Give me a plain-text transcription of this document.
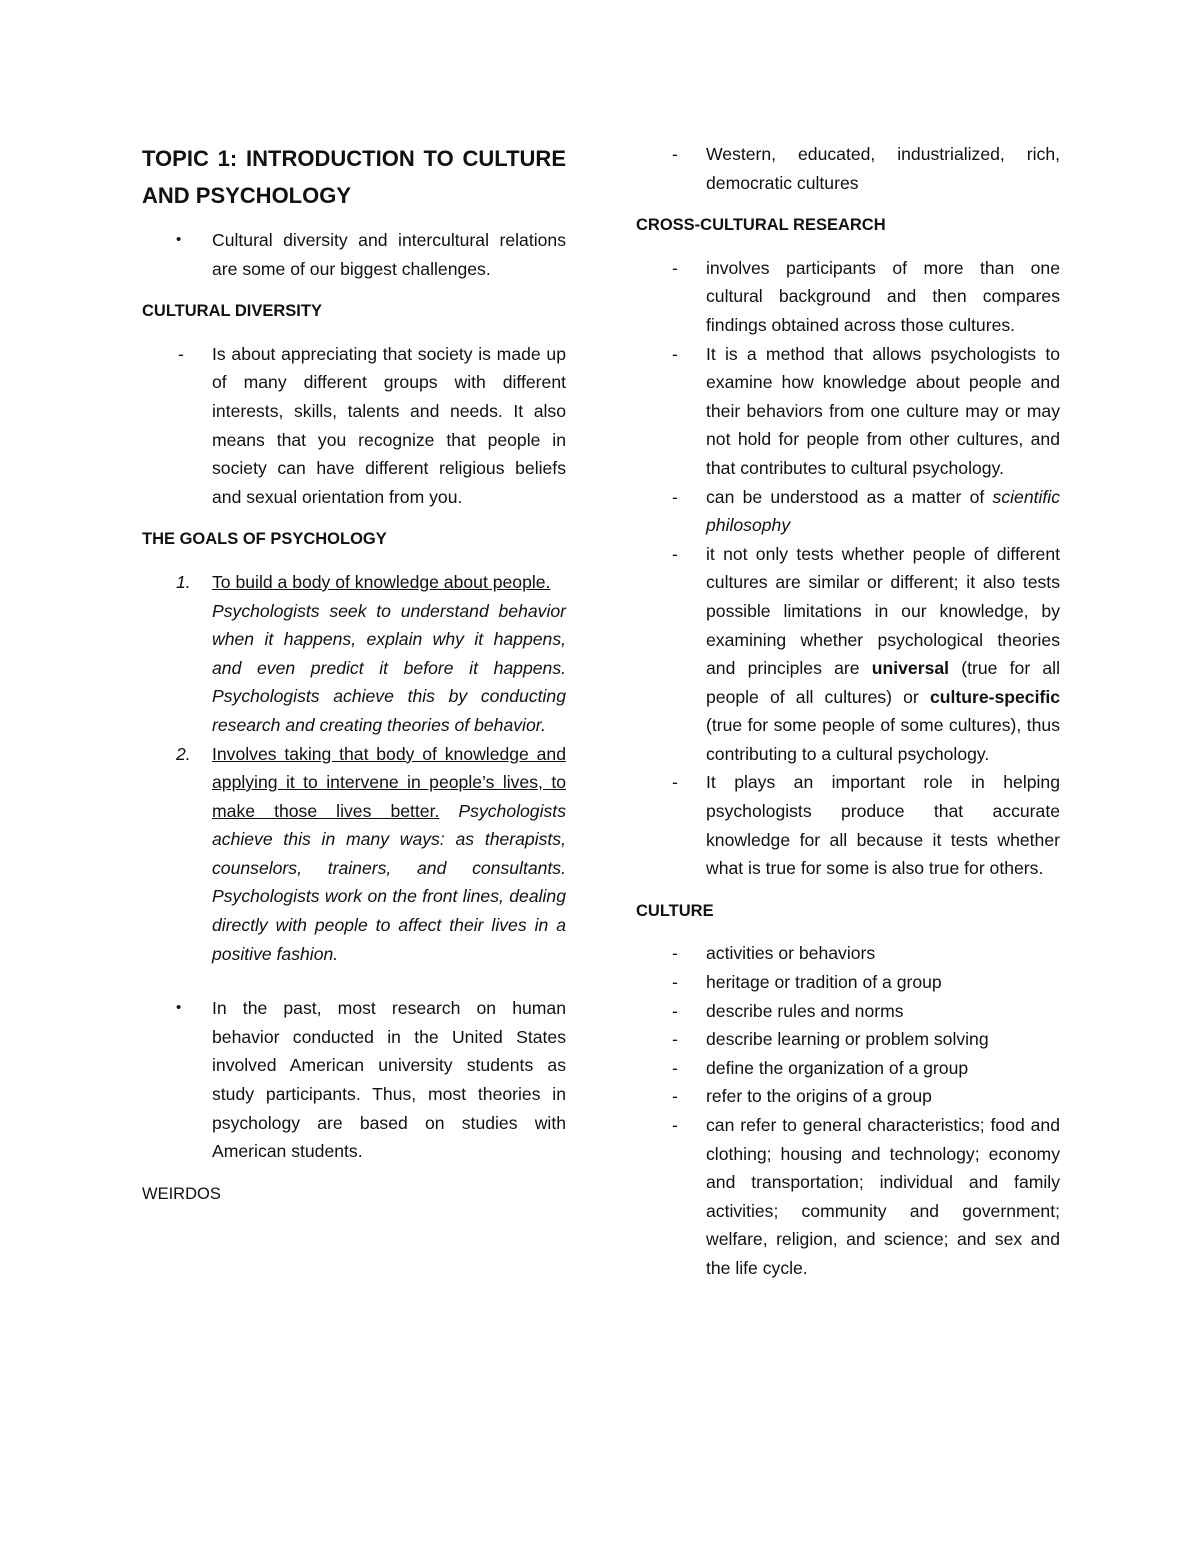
TOPIC 1: INTRODUCTION TO CULTURE AND PSYCHOLOGY
• Cultural diversity and intercultural relations are some of our biggest challenges.
CULTURAL DIVERSITY
- Is about appreciating that society is made up of many different groups with different interests, skills, talents and needs. It also means that you recognize that people in society can have different religious beliefs and sexual orientation from you.
THE GOALS OF PSYCHOLOGY
1. To build a body of knowledge about people.
Psychologists seek to understand behavior when it happens, explain why it happens, and even predict it before it happens. Psychologists achieve this by conducting research and creating theories of behavior.
2. Involves taking that body of knowledge and applying it to intervene in people’s lives, to make those lives better. Psychologists achieve this in many ways: as therapists, counselors, trainers, and consultants. Psychologists work on the front lines, dealing directly with people to affect their lives in a positive fashion.
• In the past, most research on human behavior conducted in the United States involved American university students as study participants. Thus, most theories in psychology are based on studies with American students.
WEIRDOS
- Western, educated, industrialized, rich, democratic cultures
CROSS-CULTURAL RESEARCH
- involves participants of more than one cultural background and then compares findings obtained across those cultures.
- It is a method that allows psychologists to examine how knowledge about people and their behaviors from one culture may or may not hold for people from other cultures, and that contributes to cultural psychology.
- can be understood as a matter of scientific philosophy
- it not only tests whether people of different cultures are similar or different; it also tests possible limitations in our knowledge, by examining whether psychological theories and principles are universal (true for all people of all cultures) or culture-specific (true for some people of some cultures), thus contributing to a cultural psychology.
- It plays an important role in helping psychologists produce that accurate knowledge for all because it tests whether what is true for some is also true for others.
CULTURE
- activities or behaviors
- heritage or tradition of a group
- describe rules and norms
- describe learning or problem solving
- define the organization of a group
- refer to the origins of a group
- can refer to general characteristics; food and clothing; housing and technology; economy and transportation; individual and family activities; community and government; welfare, religion, and science; and sex and the life cycle.
